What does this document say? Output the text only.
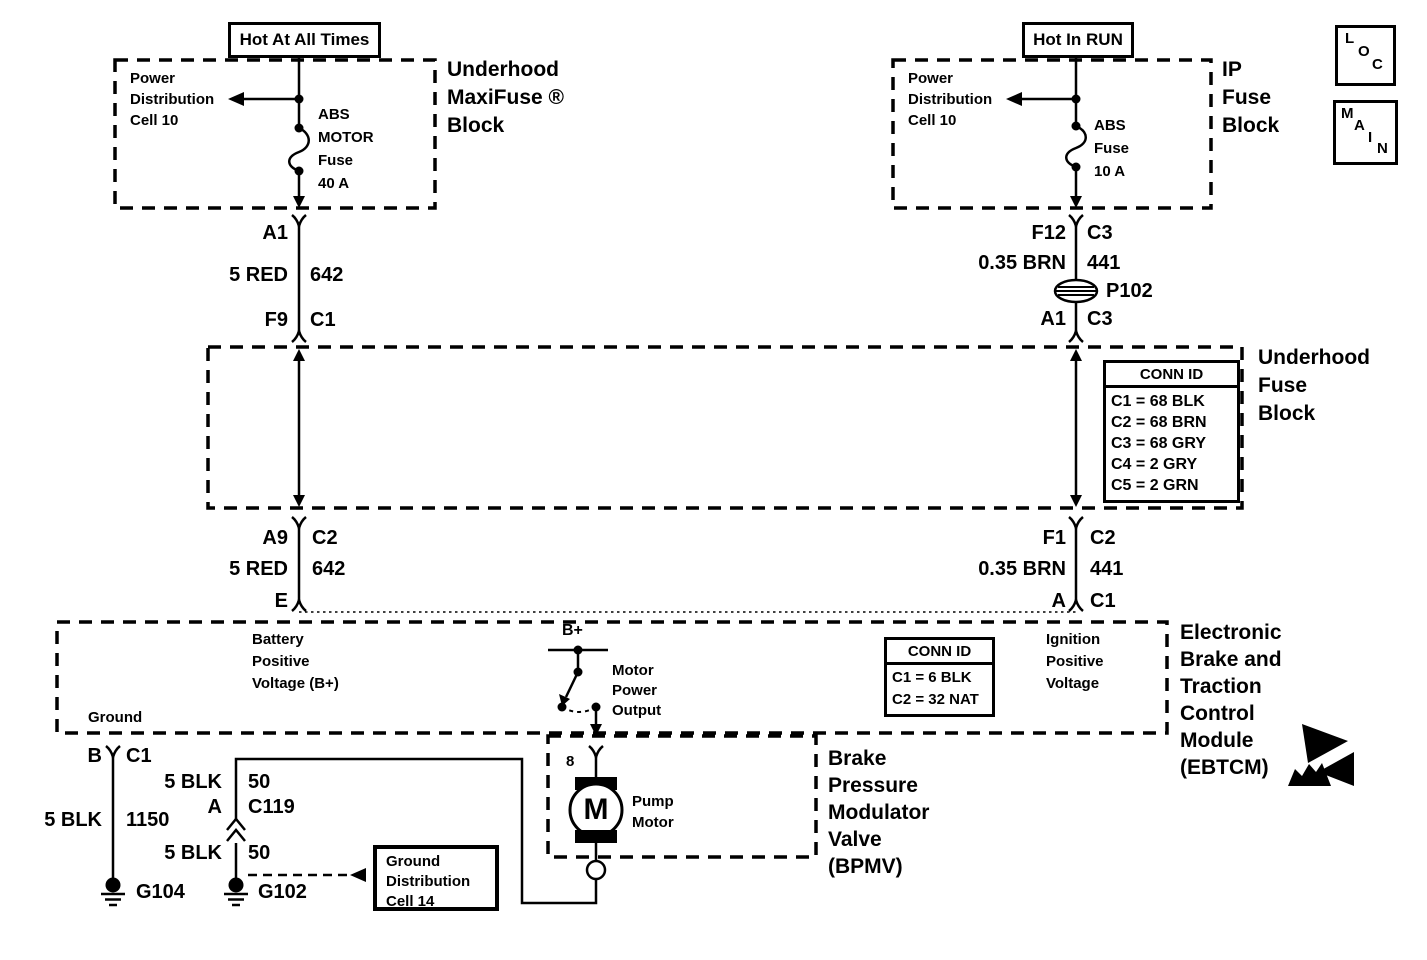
Hot At All Times	Hot In RUN	L
O
C
M
A
I
N
Underhood
MaxiFuse ®
Block
Power
Distribution
Cell 10	ABS
MOTOR
Fuse
40 A
IP
Fuse
Block
Power
Distribution
Cell 10	ABS
Fuse
10 A
A1
5 RED 642
F9 C1
F12 C3
0.35 BRN 441
P102
A1 C3
Underhood
Fuse
Block
CONN ID
C1 = 68 BLK
C2 = 68 BRN
C3 = 68 GRY
C4 = 2 GRY
C5 = 2 GRN
A9 C2
5 RED 642
E
F1 C2
0.35 BRN 441
A C1
Electronic
Brake and
Traction
Control
Module
(EBTCM)
Battery
Positive
Voltage (B+)
Ground
B+
Motor
Power
Output
Ignition
Positive
Voltage
CONN ID
C1 = 6 BLK
C2 = 32 NAT
Brake
Pressure
Modulator
Valve
(BPMV)
8
M	Pump
Motor
B C1
5 BLK 1150
G104
5 BLK 50
A C119
5 BLK 50
G102
Ground
Distribution
Cell 14
